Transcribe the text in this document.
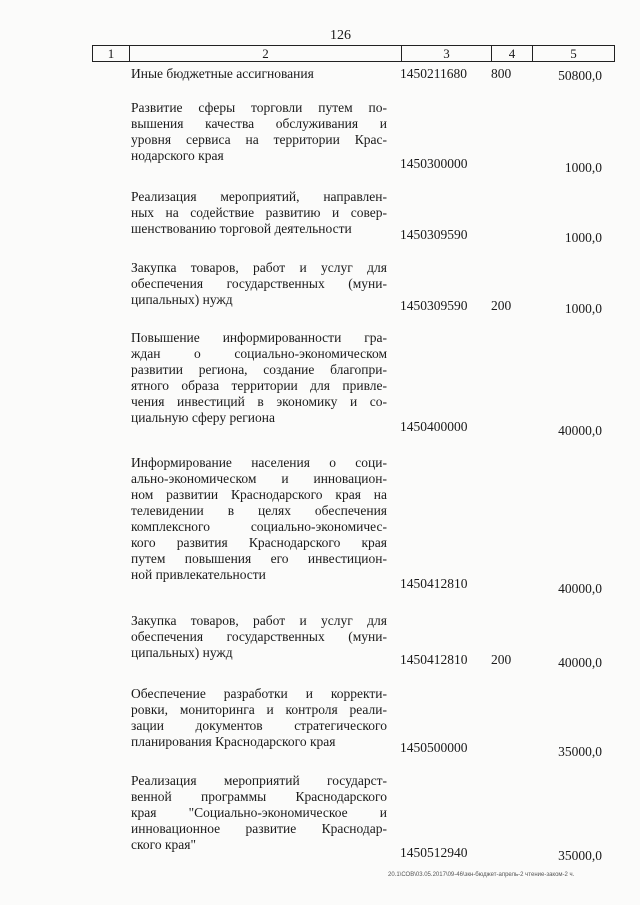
126
1	2	3	4	5
Иные бюджетные ассигнования	1450211680 800	50800,0
Развитие сферы торговли путем по-
вышения качества обслуживания и
уровня сервиса на территории Крас-
нодарского края
1450300000	1000,0
Реализация мероприятий, направлен-
ных на содействие развитию и совер-
шенствованию торговой деятельности	1450309590	1000,0
Закупка товаров, работ и услуг для
обеспечения государственных (муни-
ципальных) нужд	1450309590 200	1000,0
Повышение информированности гра-
ждан о социально-экономическом
развитии региона, создание благопри-
ятного образа территории для привле-
чения инвестиций в экономику и со-
циальную сферу региона
1450400000	40000,0
Информирование населения о соци-
ально-экономическом и инновацион-
ном развитии Краснодарского края на
телевидении в целях обеспечения
комплексного социально-экономичес-
кого развития Краснодарского края
путем повышения его инвестицион-
ной привлекательности
1450412810	40000,0
Закупка товаров, работ и услуг для
обеспечения государственных (муни-
ципальных) нужд	1450412810 200	40000,0
Обеспечение разработки и корректи-
ровки, мониторинга и контроля реали-
зации документов стратегического
планирования Краснодарского края	1450500000	35000,0
Реализация мероприятий государст-
венной программы Краснодарского
края "Социально-экономическое и
инновационное развитие Краснодар-
ского края"
1450512940	35000,0
20.1\СОВ\03.05.2017\09-46\зкн-бюджет-апрель-2 чтение-заком-2 ч.
